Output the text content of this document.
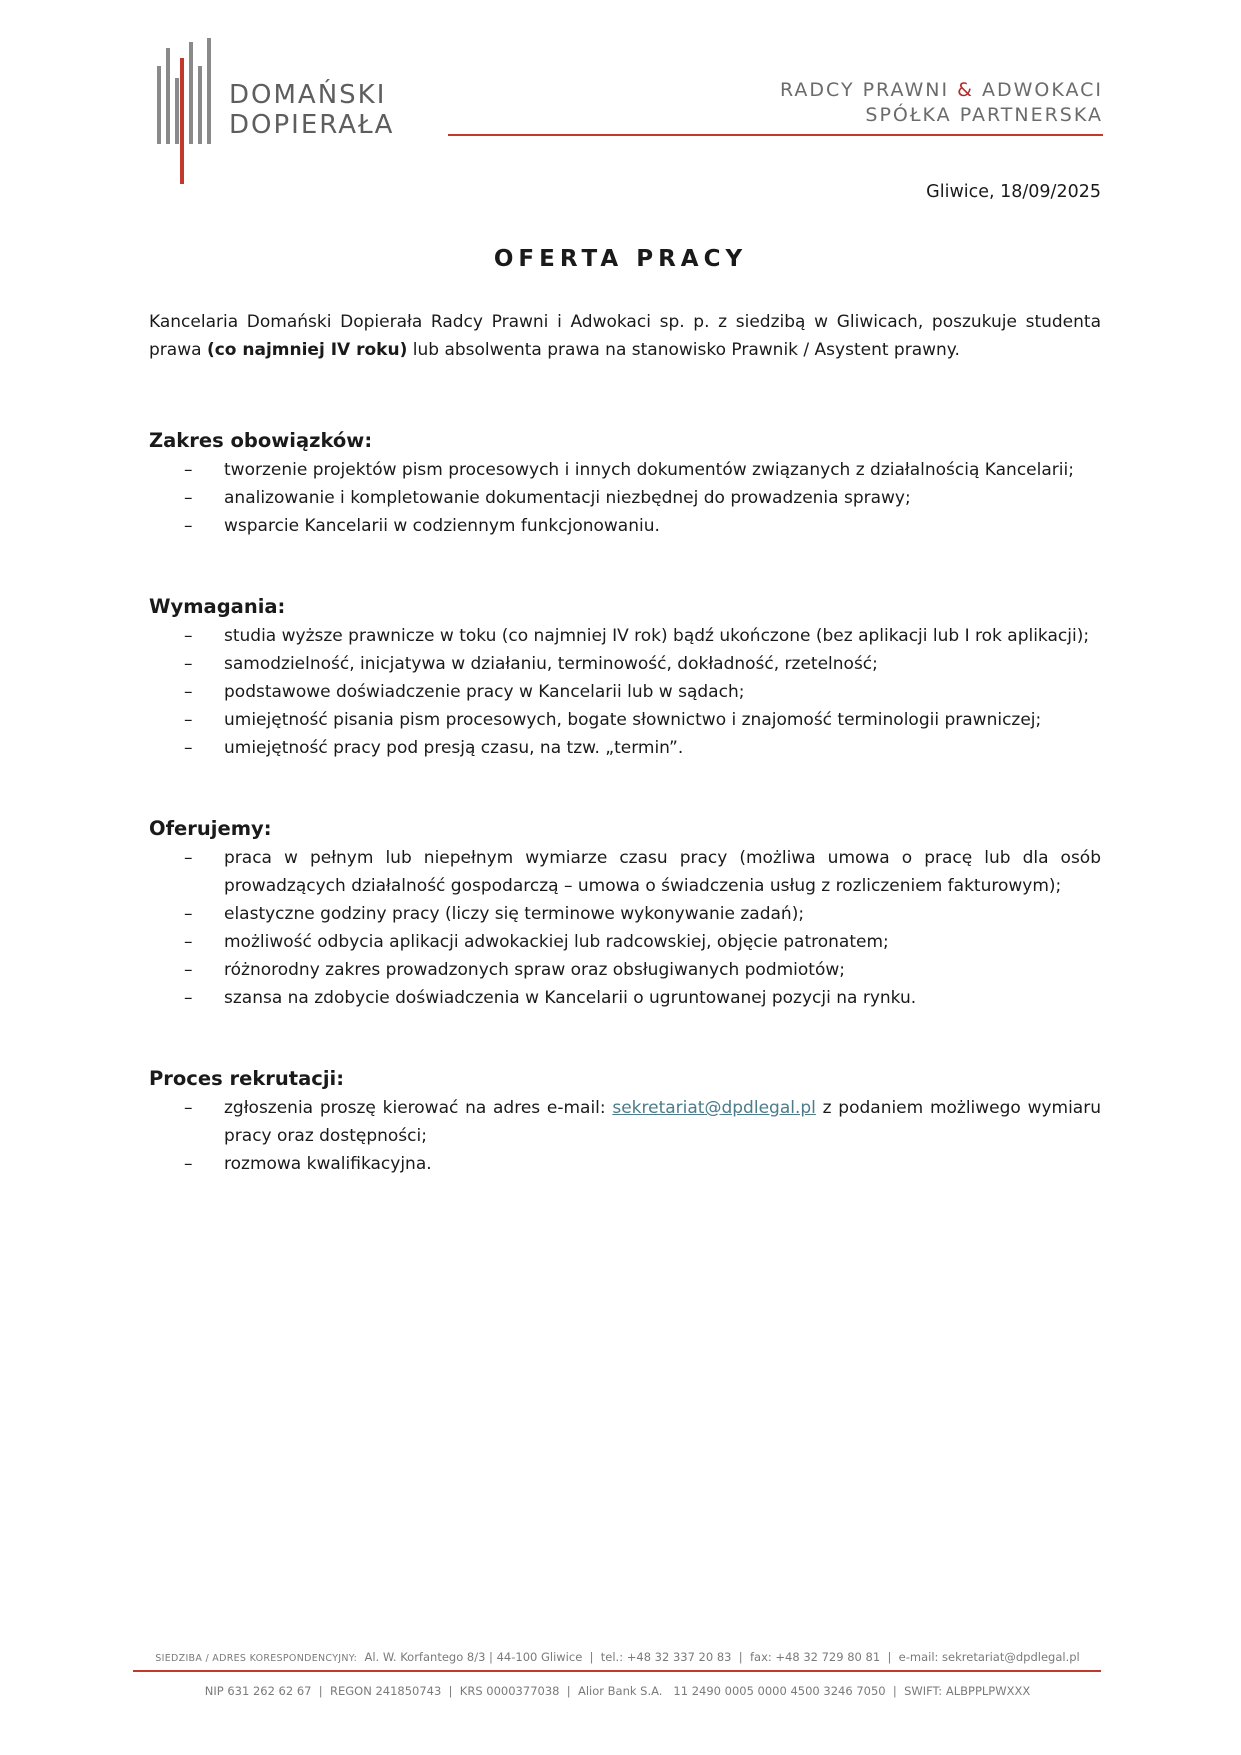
DOMAŃSKI
DOPIERAŁA
RADCY PRAWNI & ADWOKACI
SPÓŁKA PARTNERSKA
Gliwice, 18/09/2025
OFERTA PRACY

Kancelaria Domański Dopierała Radcy Prawni i Adwokaci sp. p. z siedzibą w Gliwicach, poszukuje studenta prawa (co najmniej IV roku) lub absolwenta prawa na stanowisko Prawnik / Asystent prawny.

Zakres obowiązków:
– tworzenie projektów pism procesowych i innych dokumentów związanych z działalnością Kancelarii;
– analizowanie i kompletowanie dokumentacji niezbędnej do prowadzenia sprawy;
– wsparcie Kancelarii w codziennym funkcjonowaniu.
Wymagania:
– studia wyższe prawnicze w toku (co najmniej IV rok) bądź ukończone (bez aplikacji lub I rok aplikacji);
– samodzielność, inicjatywa w działaniu, terminowość, dokładność, rzetelność;
– podstawowe doświadczenie pracy w Kancelarii lub w sądach;
– umiejętność pisania pism procesowych, bogate słownictwo i znajomość terminologii prawniczej;
– umiejętność pracy pod presją czasu, na tzw. „termin”.
Oferujemy:
– praca w pełnym lub niepełnym wymiarze czasu pracy (możliwa umowa o pracę lub dla osób prowadzących działalność gospodarczą – umowa o świadczenia usług z rozliczeniem fakturowym);
– elastyczne godziny pracy (liczy się terminowe wykonywanie zadań);
– możliwość odbycia aplikacji adwokackiej lub radcowskiej, objęcie patronatem;
– różnorodny zakres prowadzonych spraw oraz obsługiwanych podmiotów;
– szansa na zdobycie doświadczenia w Kancelarii o ugruntowanej pozycji na rynku.
Proces rekrutacji:
– zgłoszenia proszę kierować na adres e-mail: sekretariat@dpdlegal.pl z podaniem możliwego wymiaru pracy oraz dostępności;
– rozmowa kwalifikacyjna.
SIEDZIBA / ADRES KORESPONDENCYJNY:  Al. W. Korfantego 8/3 | 44-100 Gliwice  |  tel.: +48 32 337 20 83  |  fax: +48 32 729 80 81  |  e-mail: sekretariat@dpdlegal.pl
NIP 631 262 62 67  |  REGON 241850743  |  KRS 0000377038  |  Alior Bank S.A.   11 2490 0005 0000 4500 3246 7050  |  SWIFT: ALBPPLPWXXX
